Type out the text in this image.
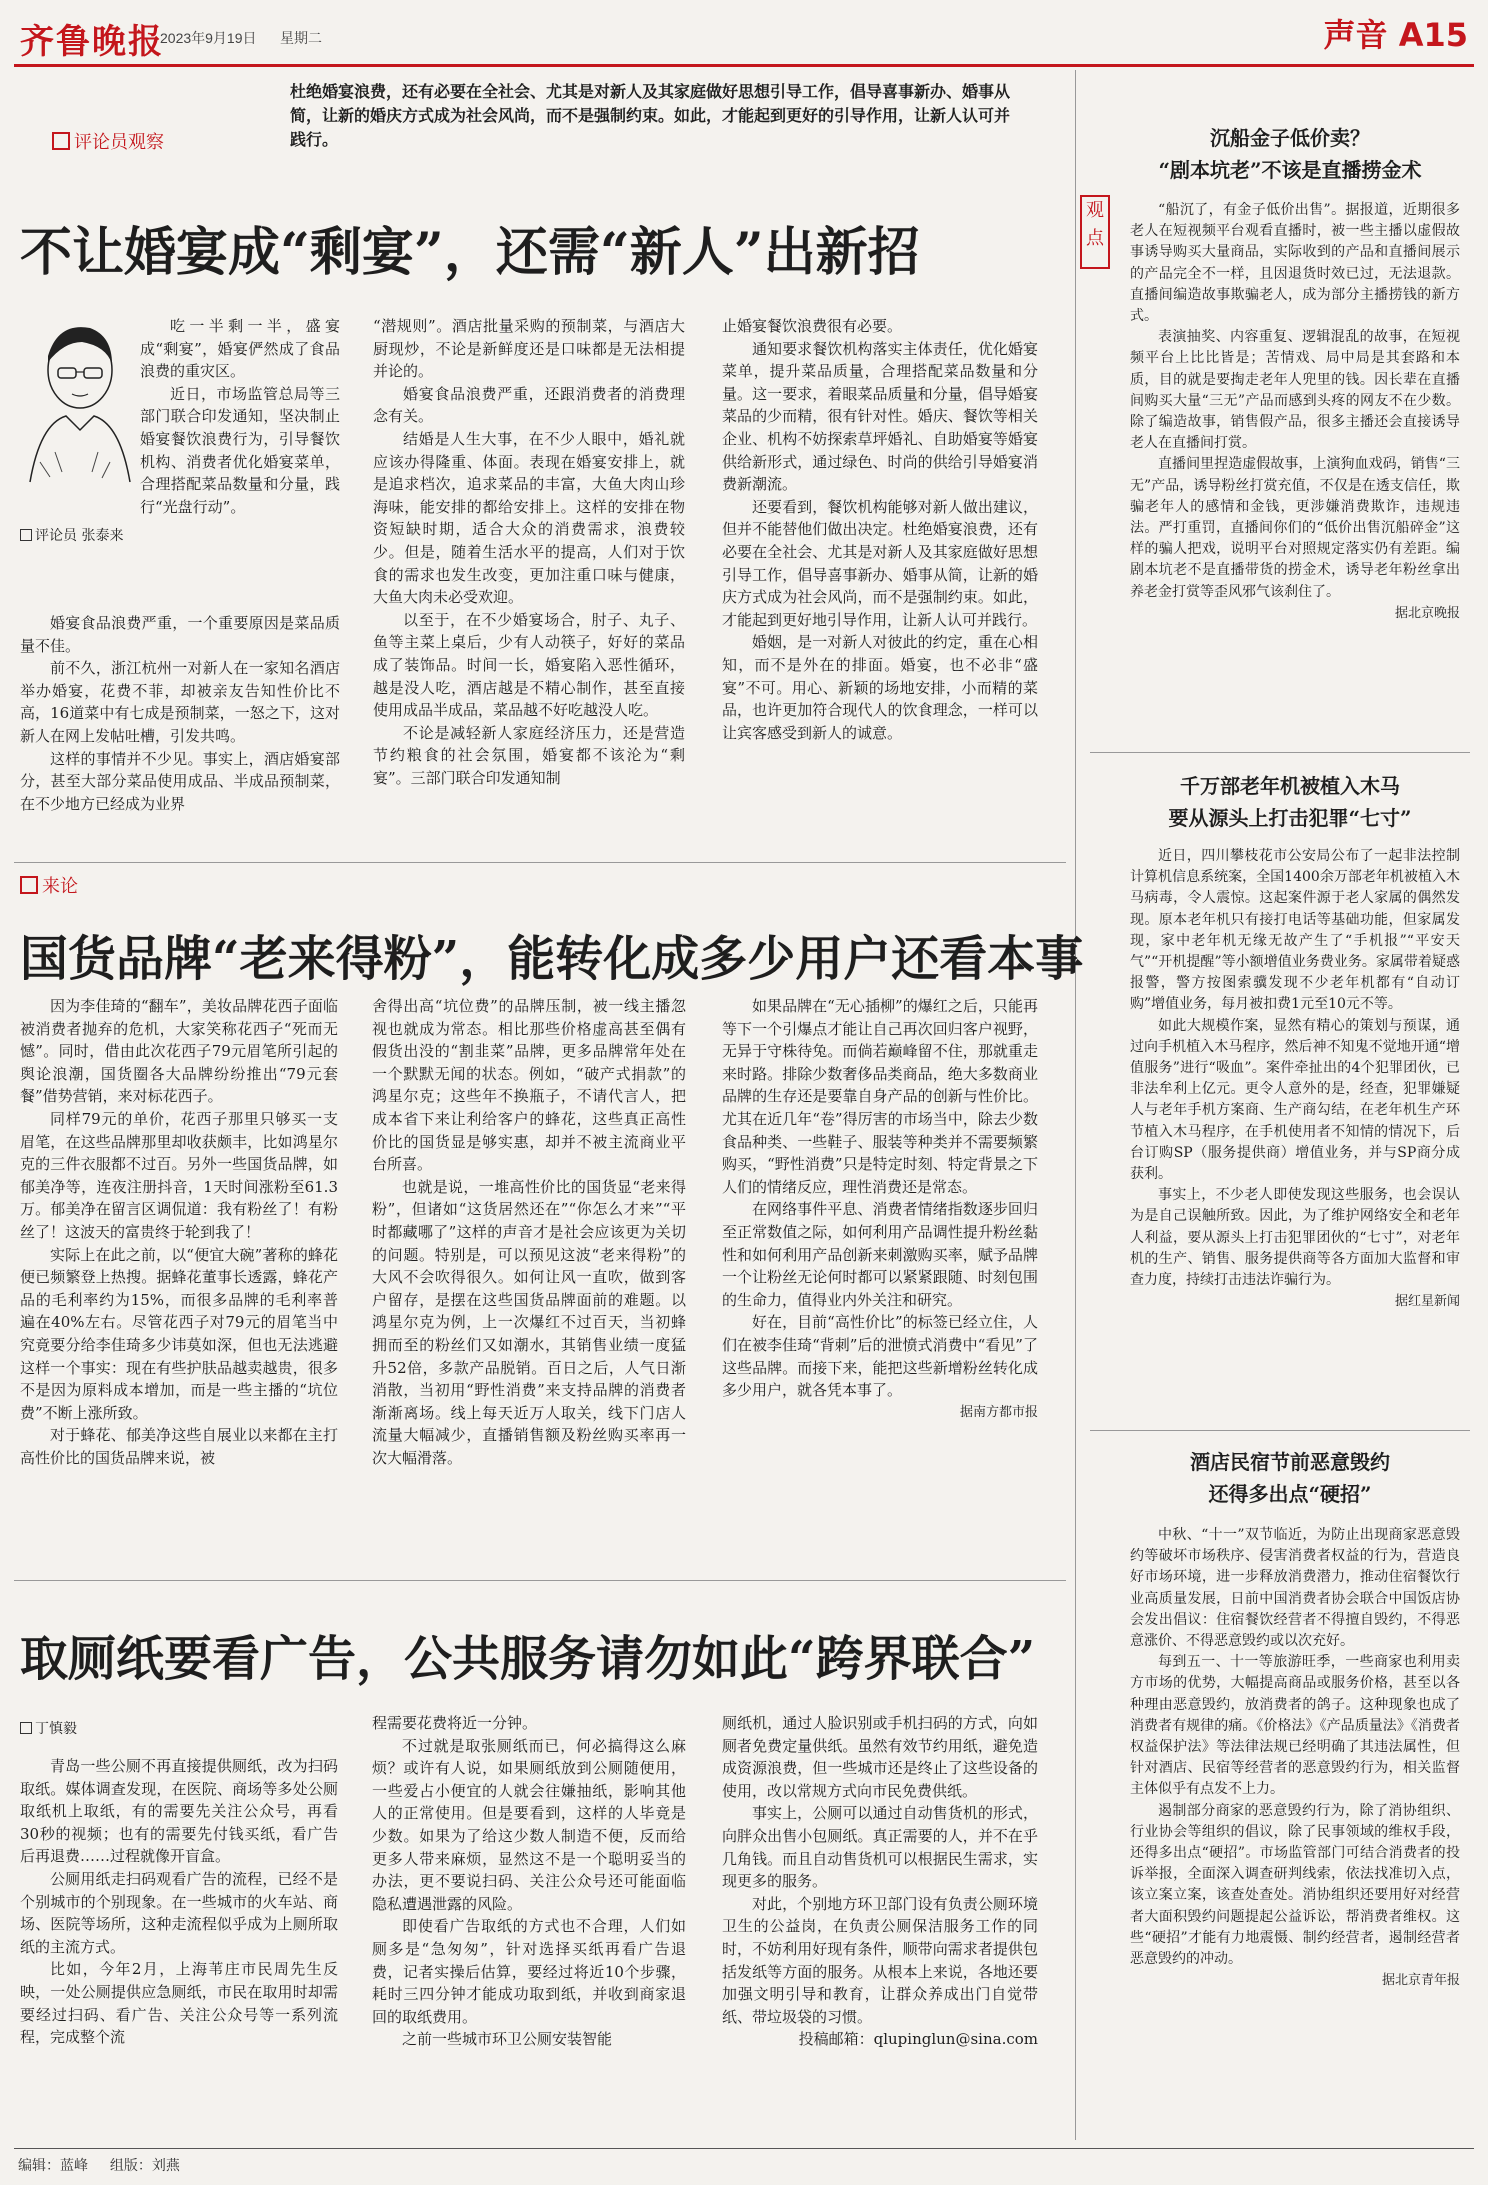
齐鲁晚报
2023年9月19日 星期二	声音 A15
评论员观察
杜绝婚宴浪费，还有必要在全社会、尤其是对新人及其家庭做好思想引导工作，倡导喜事新办、婚事从简，让新的婚庆方式成为社会风尚，而不是强制约束。如此，才能起到更好的引导作用，让新人认可并践行。
不让婚宴成“剩宴”，还需“新人”出新招
评论员 张泰来

吃一半剩一半，盛宴成“剩宴”，婚宴俨然成了食品浪费的重灾区。

近日，市场监管总局等三部门联合印发通知，坚决制止婚宴餐饮浪费行为，引导餐饮机构、消费者优化婚宴菜单，合理搭配菜品数量和分量，践行“光盘行动”。

婚宴食品浪费严重，一个重要原因是菜品质量不佳。

前不久，浙江杭州一对新人在一家知名酒店举办婚宴，花费不菲，却被亲友告知性价比不高，16道菜中有七成是预制菜，一怒之下，这对新人在网上发帖吐槽，引发共鸣。

这样的事情并不少见。事实上，酒店婚宴部分，甚至大部分菜品使用成品、半成品预制菜，在不少地方已经成为业界

“潜规则”。酒店批量采购的预制菜，与酒店大厨现炒，不论是新鲜度还是口味都是无法相提并论的。

婚宴食品浪费严重，还跟消费者的消费理念有关。

结婚是人生大事，在不少人眼中，婚礼就应该办得隆重、体面。表现在婚宴安排上，就是追求档次，追求菜品的丰富，大鱼大肉山珍海味，能安排的都给安排上。这样的安排在物资短缺时期，适合大众的消费需求，浪费较少。但是，随着生活水平的提高，人们对于饮食的需求也发生改变，更加注重口味与健康，大鱼大肉未必受欢迎。

以至于，在不少婚宴场合，肘子、丸子、鱼等主菜上桌后，少有人动筷子，好好的菜品成了装饰品。时间一长，婚宴陷入恶性循环，越是没人吃，酒店越是不精心制作，甚至直接使用成品半成品，菜品越不好吃越没人吃。

不论是减轻新人家庭经济压力，还是营造节约粮食的社会氛围，婚宴都不该沦为“剩宴”。三部门联合印发通知制

止婚宴餐饮浪费很有必要。

通知要求餐饮机构落实主体责任，优化婚宴菜单，提升菜品质量，合理搭配菜品数量和分量。这一要求，着眼菜品质量和分量，倡导婚宴菜品的少而精，很有针对性。婚庆、餐饮等相关企业、机构不妨探索草坪婚礼、自助婚宴等婚宴供给新形式，通过绿色、时尚的供给引导婚宴消费新潮流。

还要看到，餐饮机构能够对新人做出建议，但并不能替他们做出决定。杜绝婚宴浪费，还有必要在全社会、尤其是对新人及其家庭做好思想引导工作，倡导喜事新办、婚事从简，让新的婚庆方式成为社会风尚，而不是强制约束。如此，才能起到更好地引导作用，让新人认可并践行。

婚姻，是一对新人对彼此的约定，重在心相知，而不是外在的排面。婚宴，也不必非“盛宴”不可。用心、新颖的场地安排，小而精的菜品，也许更加符合现代人的饮食理念，一样可以让宾客感受到新人的诚意。

来论
国货品牌“老来得粉”，能转化成多少用户还看本事

因为李佳琦的“翻车”，美妆品牌花西子面临被消费者抛弃的危机，大家笑称花西子“死而无憾”。同时，借由此次花西子79元眉笔所引起的舆论浪潮，国货圈各大品牌纷纷推出“79元套餐”借势营销，来对标花西子。

同样79元的单价，花西子那里只够买一支眉笔，在这些品牌那里却收获颇丰，比如鸿星尔克的三件衣服都不过百。另外一些国货品牌，如郁美净等，连夜注册抖音，1天时间涨粉至61.3万。郁美净在留言区调侃道：我有粉丝了！有粉丝了！这波天的富贵终于轮到我了！

实际上在此之前，以“便宜大碗”著称的蜂花便已频繁登上热搜。据蜂花董事长透露，蜂花产品的毛利率约为15%，而很多品牌的毛利率普遍在40%左右。尽管花西子对79元的眉笔当中究竟要分给李佳琦多少讳莫如深，但也无法逃避这样一个事实：现在有些护肤品越卖越贵，很多不是因为原料成本增加，而是一些主播的“坑位费”不断上涨所致。

对于蜂花、郁美净这些自展业以来都在主打高性价比的国货品牌来说，被

舍得出高“坑位费”的品牌压制，被一线主播忽视也就成为常态。相比那些价格虚高甚至偶有假货出没的“割韭菜”品牌，更多品牌常年处在一个默默无闻的状态。例如，“破产式捐款”的鸿星尔克；这些年不换瓶子，不请代言人，把成本省下来让利给客户的蜂花，这些真正高性价比的国货显是够实惠，却并不被主流商业平台所喜。

也就是说，一堆高性价比的国货显“老来得粉”，但诸如“这货居然还在”“你怎么才来”“平时都藏哪了”这样的声音才是社会应该更为关切的问题。特别是，可以预见这波“老来得粉”的大风不会吹得很久。如何让风一直吹，做到客户留存，是摆在这些国货品牌面前的难题。以鸿星尔克为例，上一次爆红不过百天，当初蜂拥而至的粉丝们又如潮水，其销售业绩一度猛升52倍，多款产品脱销。百日之后，人气日渐消散，当初用“野性消费”来支持品牌的消费者渐渐离场。线上每天近万人取关，线下门店人流量大幅减少，直播销售额及粉丝购买率再一次大幅滑落。

如果品牌在“无心插柳”的爆红之后，只能再等下一个引爆点才能让自己再次回归客户视野，无异于守株待兔。而倘若巅峰留不住，那就重走来时路。排除少数奢侈品类商品，绝大多数商业品牌的生存还是要靠自身产品的创新与性价比。尤其在近几年“卷”得厉害的市场当中，除去少数食品种类、一些鞋子、服装等种类并不需要频繁购买，“野性消费”只是特定时刻、特定背景之下人们的情绪反应，理性消费还是常态。

在网络事件平息、消费者情绪指数逐步回归至正常数值之际，如何利用产品调性提升粉丝黏性和如何利用产品创新来刺激购买率，赋予品牌一个让粉丝无论何时都可以紧紧跟随、时刻包围的生命力，值得业内外关注和研究。

好在，目前“高性价比”的标签已经立住，人们在被李佳琦“背刺”后的泄愤式消费中“看见”了这些品牌。而接下来，能把这些新增粉丝转化成多少用户，就各凭本事了。

据南方都市报

取厕纸要看广告，公共服务请勿如此“跨界联合”
丁慎毅

青岛一些公厕不再直接提供厕纸，改为扫码取纸。媒体调查发现，在医院、商场等多处公厕取纸机上取纸，有的需要先关注公众号，再看30秒的视频；也有的需要先付钱买纸，看广告后再退费……过程就像开盲盒。

公厕用纸走扫码观看广告的流程，已经不是个别城市的个别现象。在一些城市的火车站、商场、医院等场所，这种走流程似乎成为上厕所取纸的主流方式。

比如，今年2月，上海苇庄市民周先生反映，一处公厕提供应急厕纸，市民在取用时却需要经过扫码、看广告、关注公众号等一系列流程，完成整个流

程需要花费将近一分钟。

不过就是取张厕纸而已，何必搞得这么麻烦？或许有人说，如果厕纸放到公厕随便用，一些爱占小便宜的人就会往嫌抽纸，影响其他人的正常使用。但是要看到，这样的人毕竟是少数。如果为了给这少数人制造不便，反而给更多人带来麻烦，显然这不是一个聪明妥当的办法，更不要说扫码、关注公众号还可能面临隐私遭遇泄露的风险。

即使看广告取纸的方式也不合理，人们如厕多是“急匆匆”，针对选择买纸再看广告退费，记者实操后估算，要经过将近10个步骤，耗时三四分钟才能成功取到纸，并收到商家退回的取纸费用。

之前一些城市环卫公厕安装智能

厕纸机，通过人脸识别或手机扫码的方式，向如厕者免费定量供纸。虽然有效节约用纸，避免造成资源浪费，但一些城市还是终止了这些设备的使用，改以常规方式向市民免费供纸。

事实上，公厕可以通过自动售货机的形式，向胖众出售小包厕纸。真正需要的人，并不在乎几角钱。而且自动售货机可以根据民生需求，实现更多的服务。

对此，个别地方环卫部门设有负责公厕环境卫生的公益岗，在负责公厕保洁服务工作的同时，不妨利用好现有条件，顺带向需求者提供包括发纸等方面的服务。从根本上来说，各地还要加强文明引导和教育，让群众养成出门自觉带纸、带垃圾袋的习惯。

投稿邮箱：qlupinglun@sina.com

观点
沉船金子低价卖？
“剧本坑老”不该是直播捞金术

“船沉了，有金子低价出售”。据报道，近期很多老人在短视频平台观看直播时，被一些主播以虚假故事诱导购买大量商品，实际收到的产品和直播间展示的产品完全不一样，且因退货时效已过，无法退款。直播间编造故事欺骗老人，成为部分主播捞钱的新方式。

表演抽奖、内容重复、逻辑混乱的故事，在短视频平台上比比皆是；苦情戏、局中局是其套路和本质，目的就是要掏走老年人兜里的钱。因长辈在直播间购买大量“三无”产品而感到头疼的网友不在少数。除了编造故事，销售假产品，很多主播还会直接诱导老人在直播间打赏。

直播间里捏造虚假故事，上演狗血戏码，销售“三无”产品，诱导粉丝打赏充值，不仅是在透支信任，欺骗老年人的感情和金钱，更涉嫌消费欺诈，违规违法。严打重罚，直播间你们的“低价出售沉船碎金”这样的骗人把戏，说明平台对照规定落实仍有差距。编剧本坑老不是直播带货的捞金术，诱导老年粉丝拿出养老金打赏等歪风邪气该刹住了。

据北京晚报

千万部老年机被植入木马
要从源头上打击犯罪“七寸”

近日，四川攀枝花市公安局公布了一起非法控制计算机信息系统案，全国1400余万部老年机被植入木马病毒，令人震惊。这起案件源于老人家属的偶然发现。原本老年机只有接打电话等基础功能，但家属发现，家中老年机无缘无故产生了“手机报”“平安天气”“开机提醒”等小额增值业务费业务。家属带着疑惑报警，警方按图索骥发现不少老年机都有“自动订购”增值业务，每月被扣费1元至10元不等。

如此大规模作案，显然有精心的策划与预谋，通过向手机植入木马程序，然后神不知鬼不觉地开通“增值服务”进行“吸血”。案件牵扯出的4个犯罪团伙，已非法牟利上亿元。更令人意外的是，经查，犯罪嫌疑人与老年手机方案商、生产商勾结，在老年机生产环节植入木马程序，在手机使用者不知情的情况下，后台订购SP（服务提供商）增值业务，并与SP商分成获利。

事实上，不少老人即使发现这些服务，也会误认为是自己误触所致。因此，为了维护网络安全和老年人利益，要从源头上打击犯罪团伙的“七寸”，对老年机的生产、销售、服务提供商等各方面加大监督和审查力度，持续打击违法诈骗行为。

据红星新闻

酒店民宿节前恶意毁约
还得多出点“硬招”

中秋、“十一”双节临近，为防止出现商家恶意毁约等破坏市场秩序、侵害消费者权益的行为，营造良好市场环境，进一步释放消费潜力，推动住宿餐饮行业高质量发展，日前中国消费者协会联合中国饭店协会发出倡议：住宿餐饮经营者不得擅自毁约，不得恶意涨价、不得恶意毁约或以次充好。

每到五一、十一等旅游旺季，一些商家也利用卖方市场的优势，大幅提高商品或服务价格，甚至以各种理由恶意毁约，放消费者的鸽子。这种现象也成了消费者有规律的痛。《价格法》《产品质量法》《消费者权益保护法》等法律法规已经明确了其违法属性，但针对酒店、民宿等经营者的恶意毁约行为，相关监督主体似乎有点发不上力。

遏制部分商家的恶意毁约行为，除了消协组织、行业协会等组织的倡议，除了民事领域的维权手段，还得多出点“硬招”。市场监管部门可结合消费者的投诉举报，全面深入调查研判线索，依法找准切入点，该立案立案，该查处查处。消协组织还要用好对经营者大面积毁约问题提起公益诉讼，帮消费者维权。这些“硬招”才能有力地震慑、制约经营者，遏制经营者恶意毁约的冲动。

据北京青年报

编辑：蓝峰 组版：刘燕
